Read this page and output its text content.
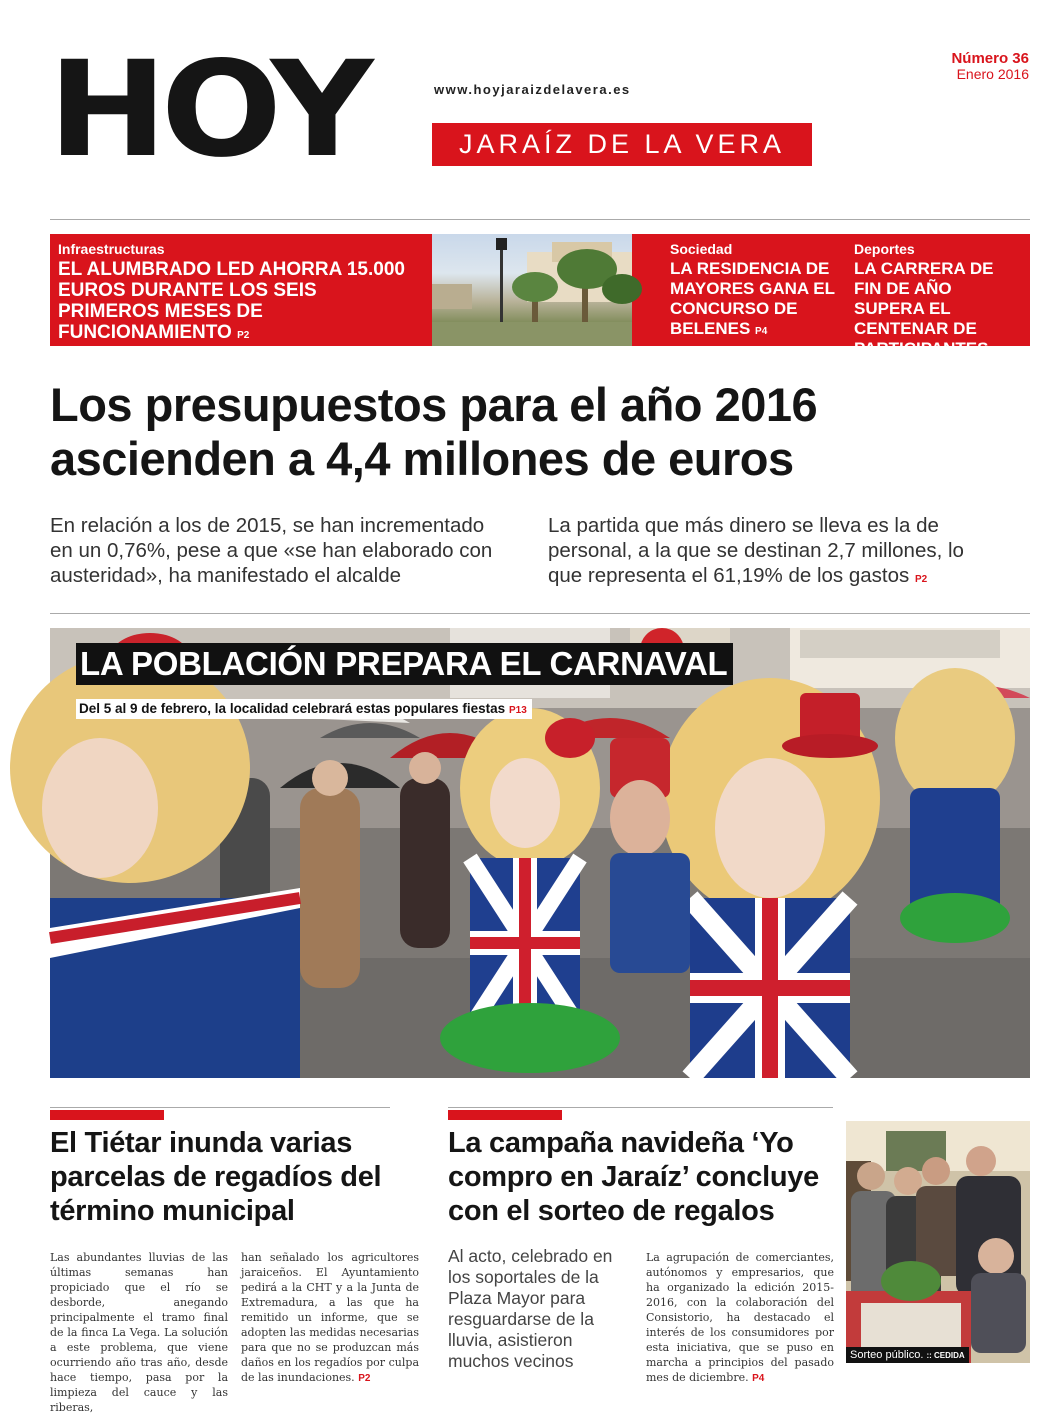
HOY	www.hoyjaraizdelavera.es
JARAÍZ DE LA VERA
Número 36
Enero 2016
Infraestructuras
EL ALUMBRADO LED AHORRA 15.000 EUROS DURANTE LOS SEIS PRIMEROS MESES DE FUNCIONAMIENTO P2
Sociedad
LA RESIDENCIA DE MAYORES GANA EL CONCURSO DE BELENES P4
Deportes
LA CARRERA DE FIN DE AÑO SUPERA EL CENTENAR DE PARTICIPANTES P14
Los presupuestos para el año 2016
ascienden a 4,4 millones de euros
En relación a los de 2015, se han incrementado en un 0,76%, pese a que «se han elaborado con austeridad», ha manifestado el alcalde
La partida que más dinero se lleva es la de personal, a la que se destinan 2,7 millones, lo que representa el 61,19% de los gastos P2
LA POBLACIÓN PREPARA EL CARNAVAL
Del 5 al 9 de febrero, la localidad celebrará estas populares fiestas P13
El Tiétar inunda varias parcelas de regadíos del término municipal
Las abundantes lluvias de las últimas semanas han propiciado que el río se desborde, anegando principalmente el tramo final de la finca La Vega. La solución a este problema, que viene ocurriendo año tras año, desde hace tiempo, pasa por la limpieza del cauce y las riberas,
han señalado los agricultores jaraiceños. El Ayuntamiento pedirá a la CHT y a la Junta de Extremadura, a las que ha remitido un informe, que se adopten las medidas necesarias para que no se produzcan más daños en los regadíos por culpa de las inundaciones. P2
La campaña navideña ‘Yo compro en Jaraíz’ concluye con el sorteo de regalos
Al acto, celebrado en los soportales de la Plaza Mayor para resguardarse de la lluvia, asistieron muchos vecinos
La agrupación de comerciantes, autónomos y empresarios, que ha organizado la edición 2015-2016, con la colaboración del Consistorio, ha destacado el interés de los consumidores por esta iniciativa, que se puso en marcha a principios del pasado mes de diciembre. P4
Sorteo público. :: CEDIDA
